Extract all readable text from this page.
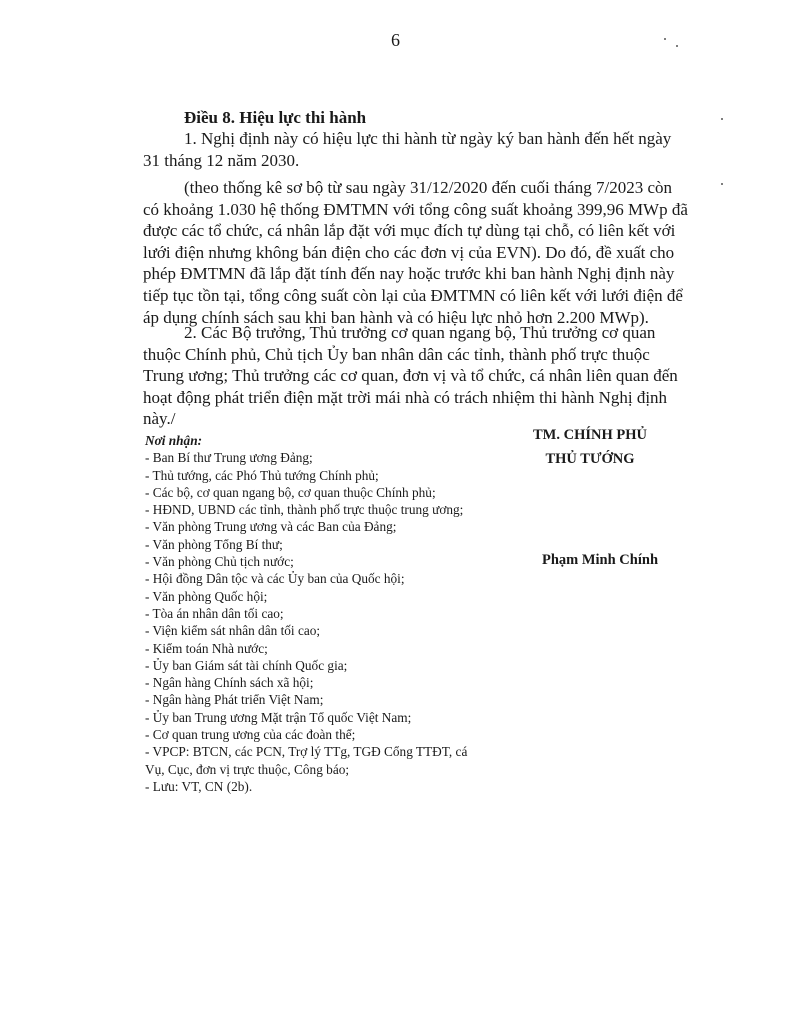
6
Điều 8. Hiệu lực thi hành

1. Nghị định này có hiệu lực thi hành từ ngày ký ban hành đến hết ngày
31 tháng 12 năm 2030.

(theo thống kê sơ bộ từ sau ngày 31/12/2020 đến cuối tháng 7/2023 còn
có khoảng 1.030 hệ thống ĐMTMN với tổng công suất khoảng 399,96 MWp đã
được các tổ chức, cá nhân lắp đặt với mục đích tự dùng tại chỗ, có liên kết với
lưới điện nhưng không bán điện cho các đơn vị của EVN). Do đó, đề xuất cho
phép ĐMTMN đã lắp đặt tính đến nay hoặc trước khi ban hành Nghị định này
tiếp tục tồn tại, tổng công suất còn lại của ĐMTMN có liên kết với lưới điện để
áp dụng chính sách sau khi ban hành và có hiệu lực nhỏ hơn 2.200 MWp).

2. Các Bộ trưởng, Thủ trưởng cơ quan ngang bộ, Thủ trưởng cơ quan
thuộc Chính phủ, Chủ tịch Ủy ban nhân dân các tỉnh, thành phố trực thuộc
Trung ương; Thủ trưởng các cơ quan, đơn vị và tổ chức, cá nhân liên quan đến
hoạt động phát triển điện mặt trời mái nhà có trách nhiệm thi hành Nghị định
này./

Nơi nhận:
- Ban Bí thư Trung ương Đảng;
- Thủ tướng, các Phó Thủ tướng Chính phủ;
- Các bộ, cơ quan ngang bộ, cơ quan thuộc Chính phủ;
- HĐND, UBND các tỉnh, thành phố trực thuộc trung ương;
- Văn phòng Trung ương và các Ban của Đảng;
- Văn phòng Tổng Bí thư;
- Văn phòng Chủ tịch nước;
- Hội đồng Dân tộc và các Ủy ban của Quốc hội;
- Văn phòng Quốc hội;
- Tòa án nhân dân tối cao;
- Viện kiểm sát nhân dân tối cao;
- Kiểm toán Nhà nước;
- Ủy ban Giám sát tài chính Quốc gia;
- Ngân hàng Chính sách xã hội;
- Ngân hàng Phát triển Việt Nam;
- Ủy ban Trung ương Mặt trận Tổ quốc Việt Nam;
- Cơ quan trung ương của các đoàn thể;
- VPCP: BTCN, các PCN, Trợ lý TTg, TGĐ Cổng TTĐT, cá
Vụ, Cục, đơn vị trực thuộc, Công báo;
- Lưu: VT, CN (2b).
TM. CHÍNH PHỦ
THỦ TƯỚNG
Phạm Minh Chính
